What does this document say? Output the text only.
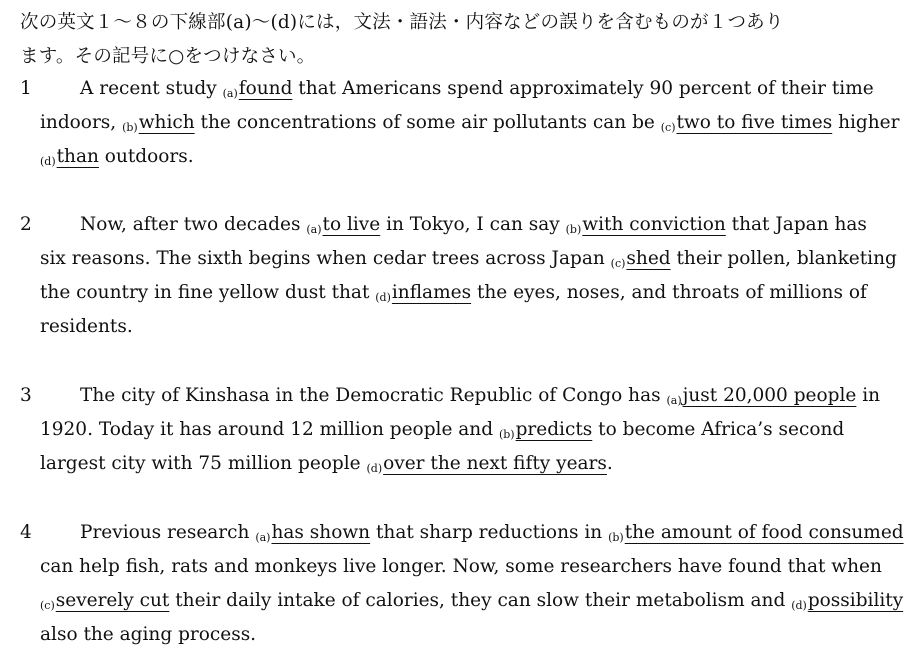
次の英文１～８の下線部(a)～(d)には，文法・語法・内容などの誤りを含むものが１つあり
ます。その記号に○をつけなさい。
1	A recent study (a)found that Americans spend approximately 90 percent of their time
indoors, (b)which the concentrations of some air pollutants can be (c)two to five times higher
(d)than outdoors.
2	Now, after two decades (a)to live in Tokyo, I can say (b)with conviction that Japan has
six reasons. The sixth begins when cedar trees across Japan (c)shed their pollen, blanketing
the country in fine yellow dust that (d)inflames the eyes, noses, and throats of millions of
residents.
3	The city of Kinshasa in the Democratic Republic of Congo has (a)just 20,000 people in
1920. Today it has around 12 million people and (b)predicts to become Africa’s second
largest city with 75 million people (d)over the next fifty years.
4	Previous research (a)has shown that sharp reductions in (b)the amount of food consumed
can help fish, rats and monkeys live longer. Now, some researchers have found that when
(c)severely cut their daily intake of calories, they can slow their metabolism and (d)possibility
also the aging process.
